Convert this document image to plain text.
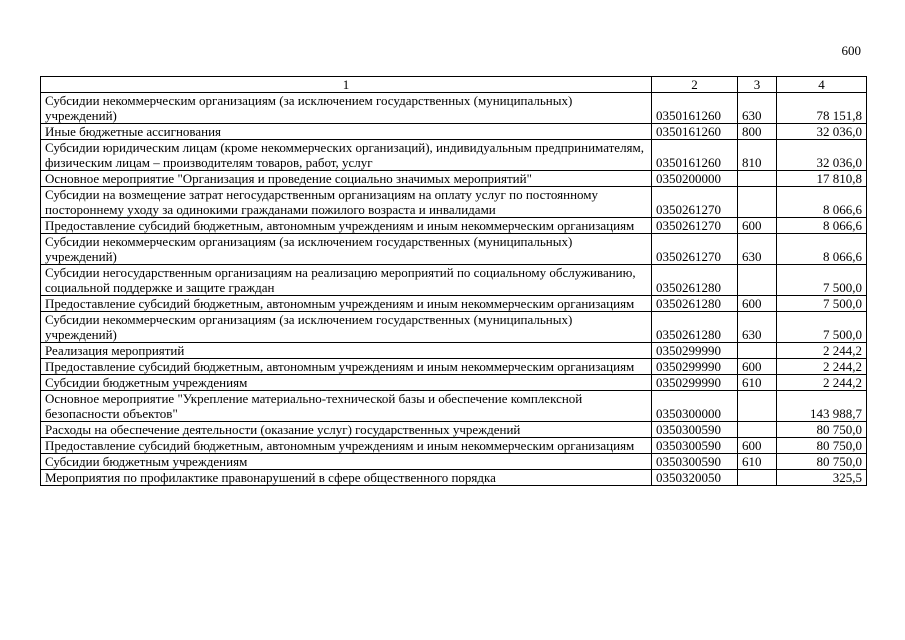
600
1	2	3	4
Субсидии некоммерческим организациям (за исключением государственных (муниципальных) учреждений)	0350161260	630	78 151,8
Иные бюджетные ассигнования	0350161260	800	32 036,0
Субсидии юридическим лицам (кроме некоммерческих организаций), индивидуальным предпринимателям, физическим лицам – производителям товаров, работ, услуг	0350161260	810	32 036,0
Основное мероприятие "Организация и проведение социально значимых мероприятий"	0350200000		17 810,8
Субсидии на возмещение затрат негосударственным организациям на оплату услуг по постоянному постороннему уходу за одинокими гражданами пожилого возраста и инвалидами	0350261270		8 066,6
Предоставление субсидий бюджетным, автономным учреждениям и иным некоммерческим организациям	0350261270	600	8 066,6
Субсидии некоммерческим организациям (за исключением государственных (муниципальных) учреждений)	0350261270	630	8 066,6
Субсидии негосударственным организациям на реализацию мероприятий по социальному обслуживанию, социальной поддержке и защите граждан	0350261280		7 500,0
Предоставление субсидий бюджетным, автономным учреждениям и иным некоммерческим организациям	0350261280	600	7 500,0
Субсидии некоммерческим организациям (за исключением государственных (муниципальных) учреждений)	0350261280	630	7 500,0
Реализация мероприятий	0350299990		2 244,2
Предоставление субсидий бюджетным, автономным учреждениям и иным некоммерческим организациям	0350299990	600	2 244,2
Субсидии бюджетным учреждениям	0350299990	610	2 244,2
Основное мероприятие "Укрепление материально-технической базы и обеспечение комплексной безопасности объектов"	0350300000		143 988,7
Расходы на обеспечение деятельности (оказание услуг) государственных учреждений	0350300590		80 750,0
Предоставление субсидий бюджетным, автономным учреждениям и иным некоммерческим организациям	0350300590	600	80 750,0
Субсидии бюджетным учреждениям	0350300590	610	80 750,0
Мероприятия по профилактике правонарушений в сфере общественного порядка	0350320050		325,5
